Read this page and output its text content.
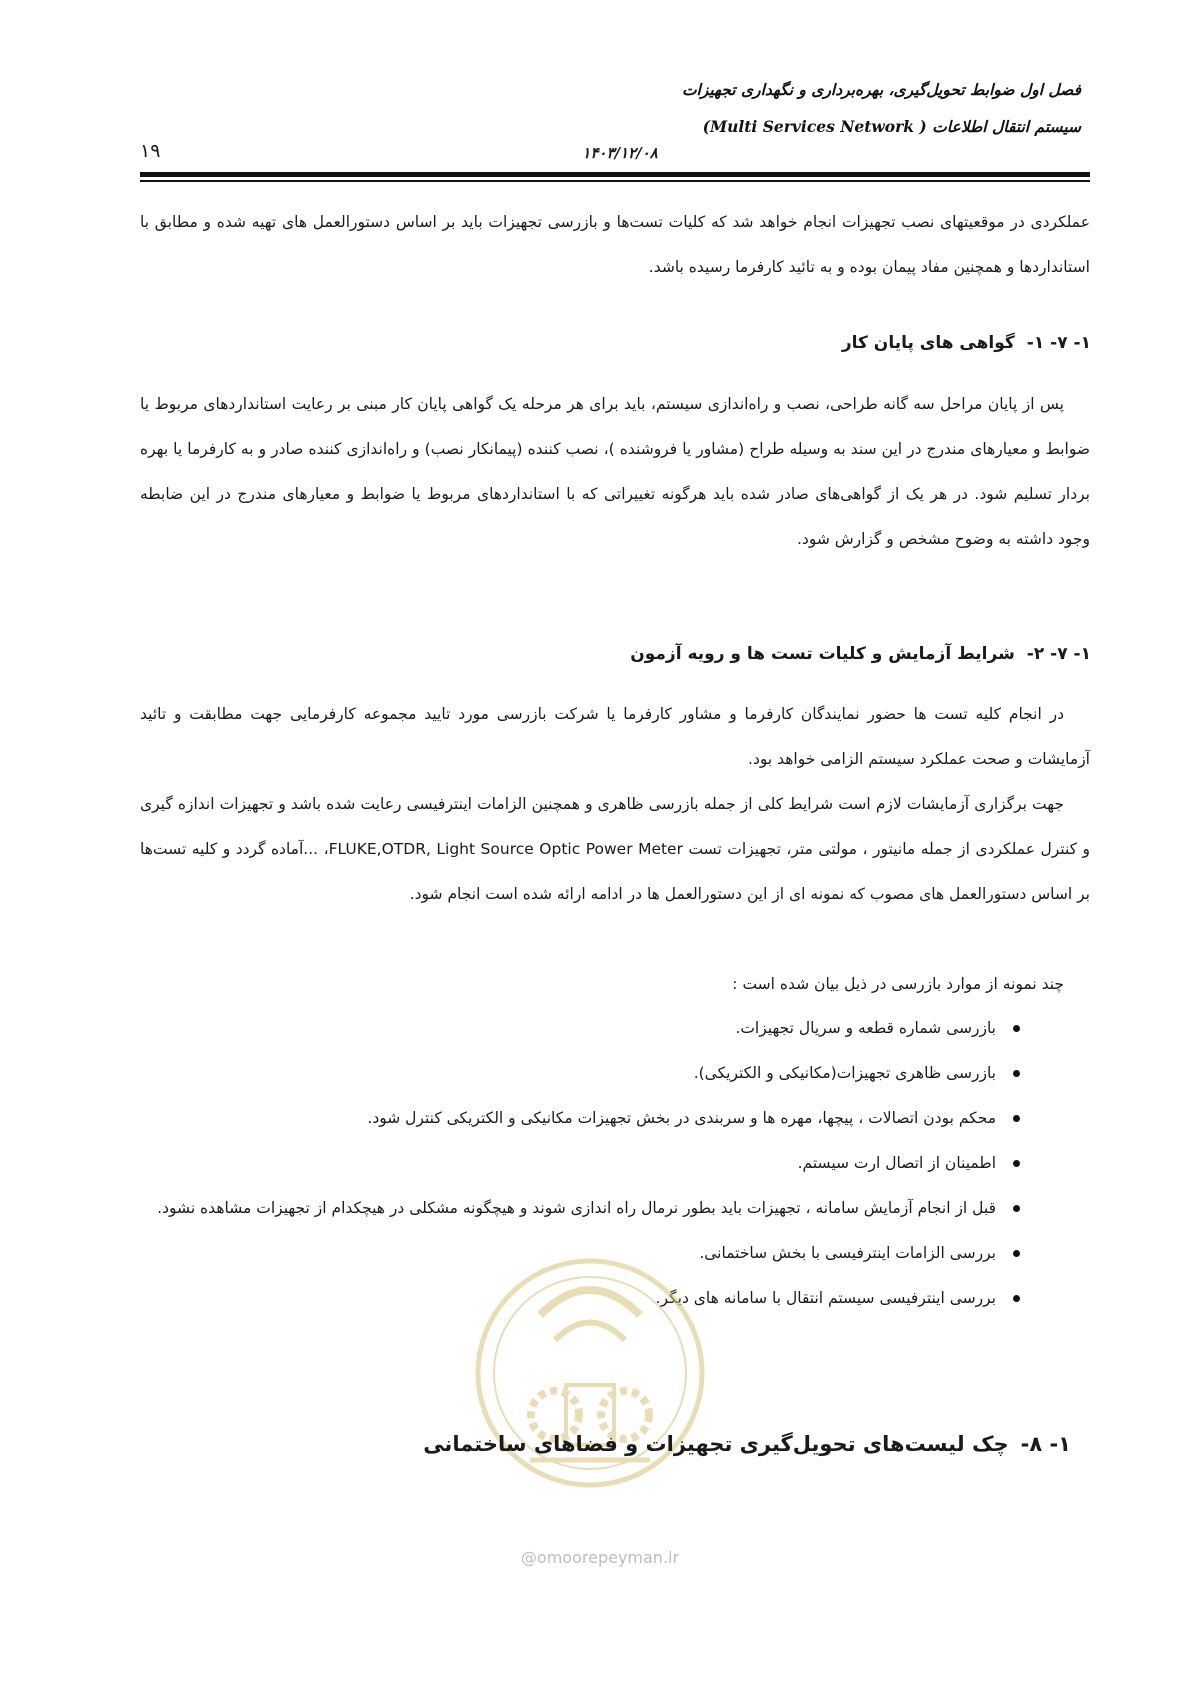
فصل اول ضوابط تحویل‌گیری، بهره‌برداری و نگهداری تجهیزات
سیستم انتقال اطلاعات ( Multi Services Network)
۱۴۰۳/۱۲/۰۸
۱۹
عملکردی در موقعیتهای نصب تجهیزات انجام خواهد شد که کلیات تست‌ها و بازرسی تجهیزات باید بر اساس دستورالعمل های تهیه شده و مطابق با استانداردها و همچنین مفاد پیمان بوده و به تائید کارفرما رسیده باشد.
۱- ۷- ۱-گواهی های پایان کار
پس از پایان مراحل سه گانه طراحی، نصب و راه‌اندازی سیستم، باید برای هر مرحله یک گواهی پایان کار مبنی بر رعایت استانداردهای مربوط یا ضوابط و معیارهای مندرج در این سند به وسیله طراح (مشاور یا فروشنده )، نصب کننده (پیمانکار نصب) و راه‌اندازی کننده صادر و به کارفرما یا بهره بردار تسلیم شود. در هر یک از گواهی‌های صادر شده باید هرگونه تغییراتی که با استانداردهای مربوط یا ضوابط و معیارهای مندرج در این ضابطه وجود داشته به وضوح مشخص و گزارش شود.
۱- ۷- ۲-شرایط آزمایش و کلیات تست ها و رویه آزمون
در انجام کلیه تست ها حضور نمایندگان کارفرما و مشاور کارفرما یا شرکت بازرسی مورد تایید مجموعه کارفرمایی جهت مطابقت و تائید آزمایشات و صحت عملکرد سیستم الزامی خواهد بود.
جهت برگزاری آزمایشات لازم است شرایط کلی از جمله بازرسی ظاهری و همچنین الزامات اینترفیسی رعایت شده باشد و تجهیزات اندازه گیری و کنترل عملکردی از جمله مانیتور ، مولتی متر، تجهیزات تست FLUKE,OTDR, Light Source Optic Power Meter، ...آماده گردد و کلیه تست‌ها بر اساس دستورالعمل های مصوب که نمونه ای از این دستورالعمل ها در ادامه ارائه شده است انجام شود.
چند نمونه از موارد بازرسی در ذیل بیان شده است :
بازرسی شماره قطعه و سریال تجهیزات.
بازرسی ظاهری تجهیزات(مکانیکی و الکتریکی).
محکم بودن اتصالات ، پیچها، مهره ها و سربندی در بخش تجهیزات مکانیکی و الکتریکی کنترل شود.
اطمینان از اتصال ارت سیستم.
قبل از انجام آزمایش سامانه ، تجهیزات باید بطور نرمال راه اندازی شوند و هیچگونه مشکلی در هیچکدام از تجهیزات مشاهده نشود.
بررسی الزامات اینترفیسی با بخش ساختمانی.
بررسی اینترفیسی سیستم انتقال با سامانه های دیگر.
۱- ۸-چک لیست‌های تحویل‌گیری تجهیزات و فضاهای ساختمانی
@omoorepeyman.ir
